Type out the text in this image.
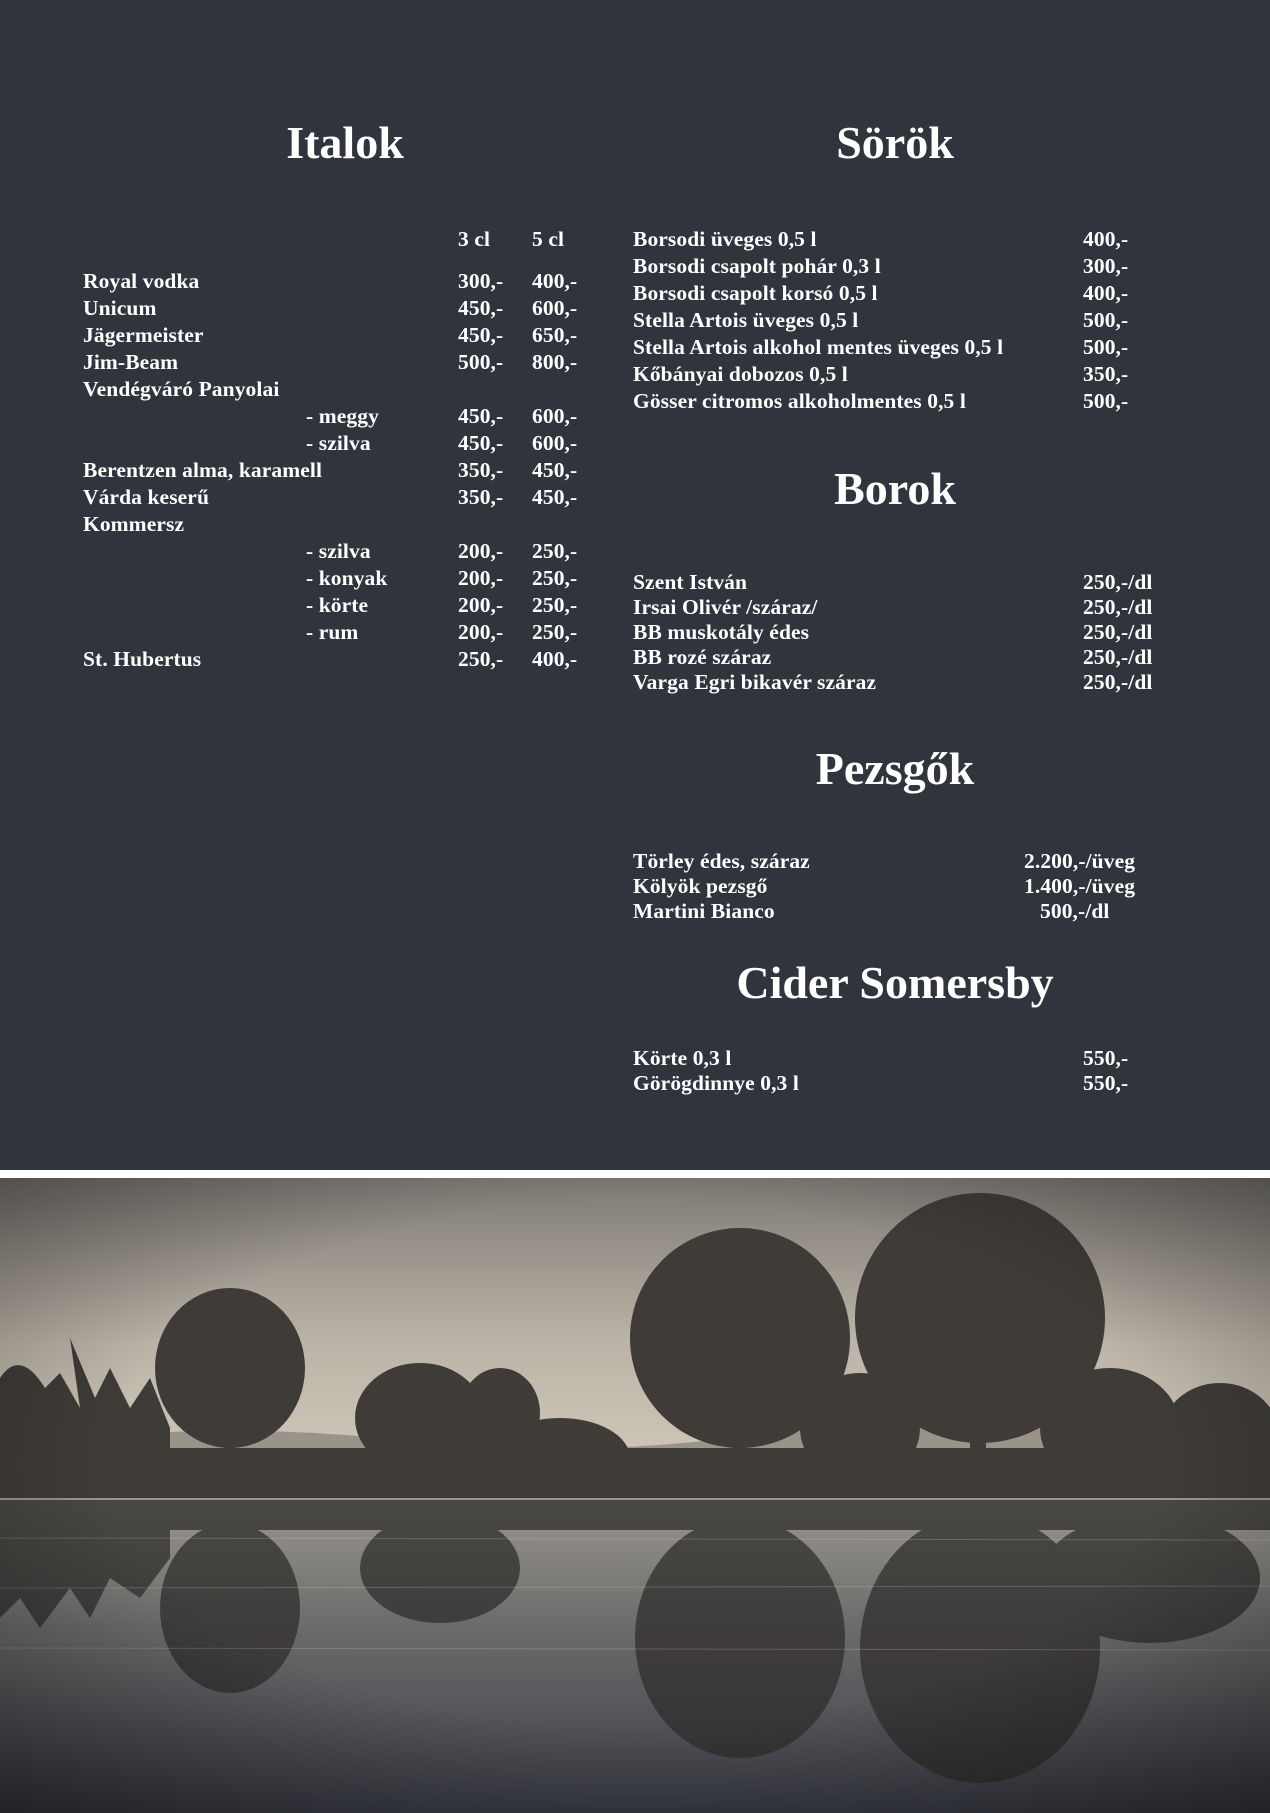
Italok
3 cl 5 cl
Royal vodka	300,- 400,-
Unicum	450,- 600,-
Jägermeister	450,- 650,-
Jim-Beam	500,- 800,-
Vendégváró Panyolai
- meggy	450,- 600,-
- szilva	450,- 600,-
Berentzen alma, karamell	350,- 450,-
Várda keserű	350,- 450,-
Kommersz
- szilva	200,- 250,-
- konyak	200,- 250,-
- körte	200,- 250,-
- rum	200,- 250,-
St. Hubertus	250,- 400,-
Sörök
Borsodi üveges 0,5 l	400,-
Borsodi csapolt pohár 0,3 l	300,-
Borsodi csapolt korsó 0,5 l	400,-
Stella Artois üveges 0,5 l	500,-
Stella Artois alkohol mentes üveges 0,5 l	500,-
Kőbányai dobozos 0,5 l	350,-
Gösser citromos alkoholmentes 0,5 l	500,-
Borok
Szent István	250,-/dl
Irsai Olivér /száraz/	250,-/dl
BB muskotály édes	250,-/dl
BB rozé száraz	250,-/dl
Varga Egri bikavér száraz	250,-/dl
Pezsgők
Törley édes, száraz	2.200,-/üveg
Kölyök pezsgő	1.400,-/üveg
Martini Bianco	500,-/dl
Cider Somersby
Körte 0,3 l	550,-
Görögdinnye 0,3 l	550,-
